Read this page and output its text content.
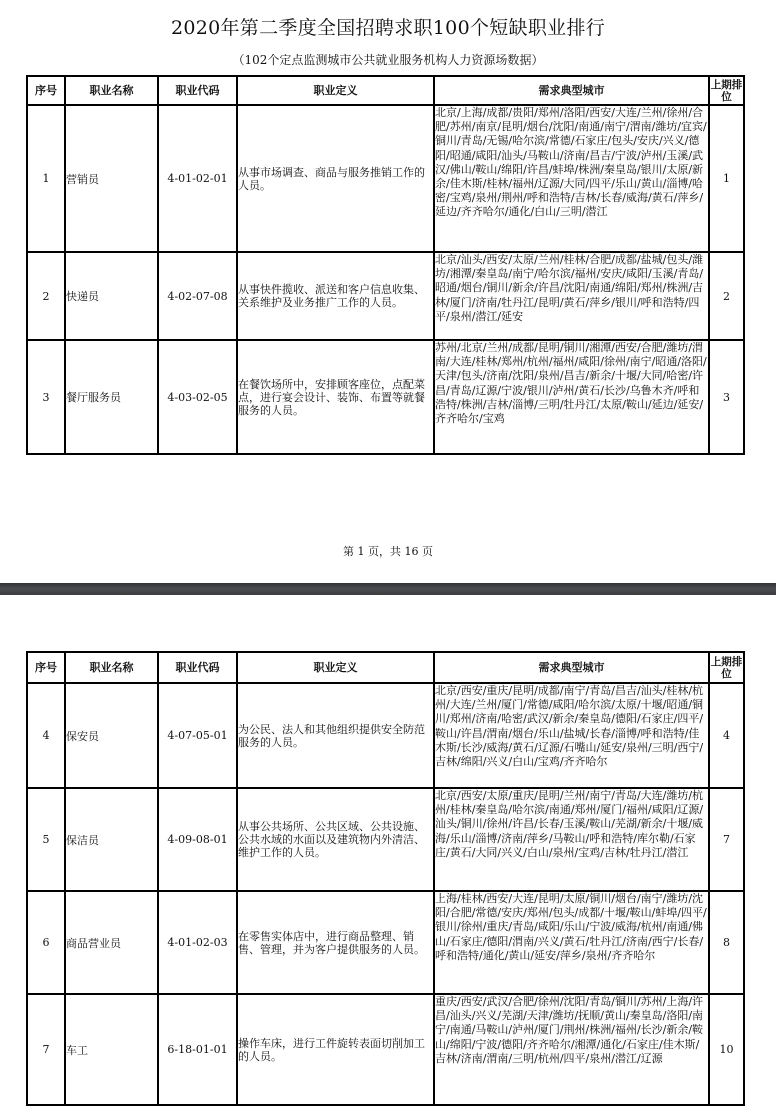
2020年第二季度全国招聘求职100个短缺职业排行
（102个定点监测城市公共就业服务机构人力资源场数据）
序号	职业名称	职业代码	职业定义	需求典型城市	上期排位
1	营销员	4-01-02-01	从事市场调查、商品与服务推销工作的人员。	北京/上海/成都/贵阳/郑州/洛阳/西安/大连/兰州/徐州/合肥/苏州/南京/昆明/烟台/沈阳/南通/南宁/渭南/潍坊/宜宾/铜川/青岛/无锡/哈尔滨/常德/石家庄/包头/安庆/兴义/德阳/昭通/咸阳/汕头/马鞍山/济南/昌吉/宁波/泸州/玉溪/武汉/佛山/鞍山/绵阳/许昌/蚌埠/株洲/秦皇岛/银川/太原/新余/佳木斯/桂林/福州/辽源/大同/四平/乐山/黄山/淄博/哈密/宝鸡/泉州/荆州/呼和浩特/吉林/长春/威海/黄石/萍乡/延边/齐齐哈尔/通化/白山/三明/潜江	1
2	快递员	4-02-07-08	从事快件揽收、派送和客户信息收集、关系维护及业务推广工作的人员。	北京/汕头/西安/太原/兰州/桂林/合肥/成都/盐城/包头/潍坊/湘潭/秦皇岛/南宁/哈尔滨/福州/安庆/咸阳/玉溪/青岛/昭通/烟台/铜川/新余/许昌/沈阳/南通/绵阳/郑州/株洲/吉林/厦门/济南/牡丹江/昆明/黄石/萍乡/银川/呼和浩特/四平/泉州/潜江/延安	2
3	餐厅服务员	4-03-02-05	在餐饮场所中，安排顾客座位，点配菜点，进行宴会设计、装饰、布置等就餐服务的人员。	苏州/北京/兰州/成都/昆明/铜川/湘潭/西安/合肥/潍坊/渭南/大连/桂林/郑州/杭州/福州/咸阳/徐州/南宁/昭通/洛阳/天津/包头/济南/沈阳/泉州/昌吉/新余/十堰/大同/哈密/许昌/青岛/辽源/宁波/银川/泸州/黄石/长沙/乌鲁木齐/呼和浩特/株洲/吉林/淄博/三明/牡丹江/太原/鞍山/延边/延安/齐齐哈尔/宝鸡	3
第 1 页，共 16 页
序号	职业名称	职业代码	职业定义	需求典型城市	上期排位
4	保安员	4-07-05-01	为公民、法人和其他组织提供安全防范服务的人员。	北京/西安/重庆/昆明/成都/南宁/青岛/昌吉/汕头/桂林/杭州/大连/兰州/厦门/常德/咸阳/哈尔滨/太原/十堰/昭通/铜川/郑州/济南/哈密/武汉/新余/秦皇岛/德阳/石家庄/四平/鞍山/许昌/渭南/烟台/乐山/盐城/长春/淄博/呼和浩特/佳木斯/长沙/威海/黄石/辽源/石嘴山/延安/泉州/三明/西宁/吉林/绵阳/兴义/白山/宝鸡/齐齐哈尔	4
5	保洁员	4-09-08-01	从事公共场所、公共区域、公共设施、公共水域的水面以及建筑物内外清洁、维护工作的人员。	北京/西安/太原/重庆/昆明/兰州/南宁/青岛/大连/潍坊/杭州/桂林/秦皇岛/哈尔滨/南通/郑州/厦门/福州/咸阳/辽源/汕头/铜川/徐州/许昌/长春/玉溪/鞍山/芜湖/新余/十堰/威海/乐山/淄博/济南/萍乡/马鞍山/呼和浩特/库尔勒/石家庄/黄石/大同/兴义/白山/泉州/宝鸡/吉林/牡丹江/潜江	7
6	商品营业员	4-01-02-03	在零售实体店中，进行商品整理、销售、管理，并为客户提供服务的人员。	上海/桂林/西安/大连/昆明/太原/铜川/烟台/南宁/潍坊/沈阳/合肥/常德/安庆/郑州/包头/成都/十堰/鞍山/蚌埠/四平/银川/徐州/重庆/青岛/咸阳/乐山/宁波/威海/杭州/南通/佛山/石家庄/德阳/渭南/兴义/黄石/牡丹江/济南/西宁/长春/呼和浩特/通化/黄山/延安/萍乡/泉州/齐齐哈尔	8
7	车工	6-18-01-01	操作车床，进行工件旋转表面切削加工的人员。	重庆/西安/武汉/合肥/徐州/沈阳/青岛/铜川/苏州/上海/许昌/汕头/兴义/芜湖/天津/潍坊/抚顺/黄山/秦皇岛/洛阳/南宁/南通/马鞍山/泸州/厦门/荆州/株洲/福州/长沙/新余/鞍山/绵阳/宁波/德阳/齐齐哈尔/湘潭/通化/石家庄/佳木斯/吉林/济南/渭南/三明/杭州/四平/泉州/潜江/辽源	10
